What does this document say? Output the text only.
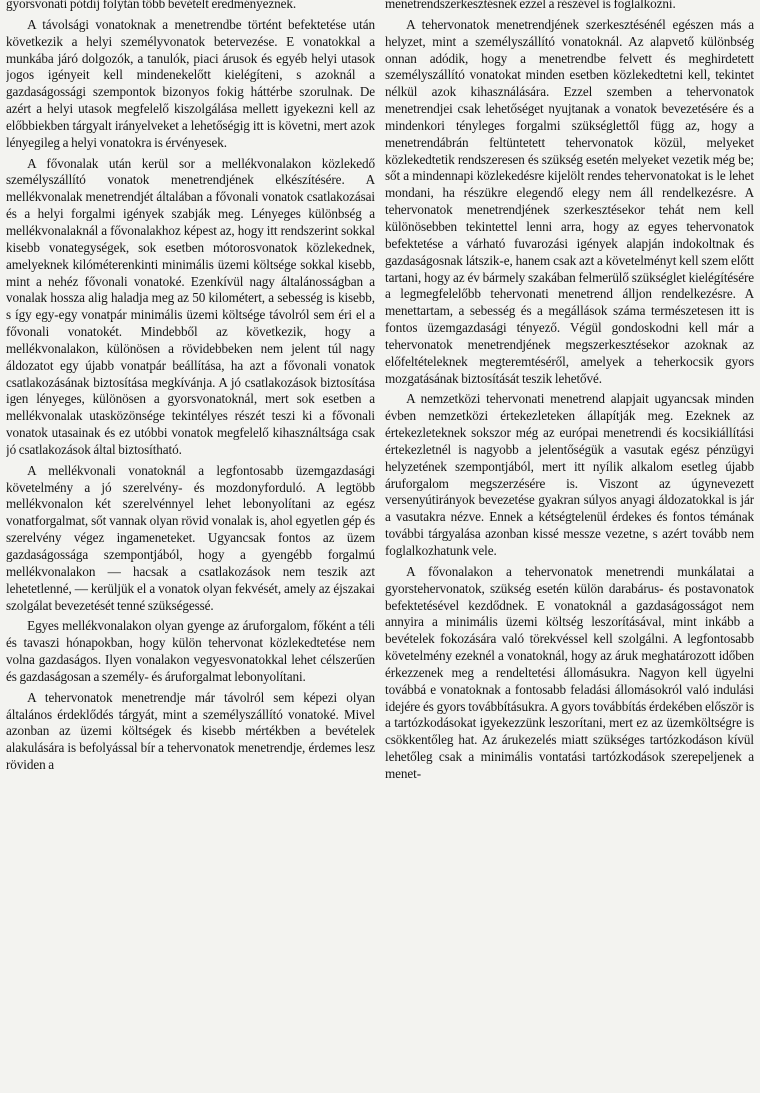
gyorsvonati pótdíj folytán több bevételt eredményeznek.

A távolsági vonatoknak a menetrendbe történt befektetése után következik a helyi személyvonatok betervezése. E vonatokkal a munkába járó dolgozók, a tanulók, piaci árusok és egyéb helyi utasok jogos igényeit kell mindenekelőtt kielégíteni, s azoknál a gazdaságossági szempontok bizonyos fokig háttérbe szorulnak. De azért a helyi utasok megfelelő kiszolgálása mellett igyekezni kell az előbbiekben tárgyalt irányelveket a lehetőségig itt is követni, mert azok lényegileg a helyi vonatokra is érvényesek.

A fővonalak után kerül sor a mellékvonalakon közlekedő személyszállító vonatok menetrendjének elkészítésére. A mellékvonalak menetrendjét általában a fővonali vonatok csatlakozásai és a helyi forgalmi igények szabják meg. Lényeges különbség a mellékvonalaknál a fővonalakhoz képest az, hogy itt rendszerint sokkal kisebb vonategységek, sok esetben mótorosvonatok közlekednek, amelyeknek kilóméterenkinti minimális üzemi költsége sokkal kisebb, mint a nehéz fővonali vonatoké. Ezenkívül nagy általánosságban a vonalak hossza alig haladja meg az 50 kilométert, a sebesség is kisebb, s így egy-egy vonatpár minimális üzemi költsége távolról sem éri el a fővonali vonatokét. Mindebből az következik, hogy a mellékvonalakon, különösen a rövidebbeken nem jelent túl nagy áldozatot egy újabb vonatpár beállítása, ha azt a fővonali vonatok csatlakozásának biztosítása megkívánja. A jó csatlakozások biztosítása igen lényeges, különösen a gyorsvonatoknál, mert sok esetben a mellékvonalak utasközönsége tekintélyes részét teszi ki a fővonali vonatok utasainak és ez utóbbi vonatok megfelelő kihasználtsága csak jó csatlakozások által biztosítható.

A mellékvonali vonatoknál a legfontosabb üzemgazdasági követelmény a jó szerelvény- és mozdonyforduló. A legtöbb mellékvonalon két szerelvénnyel lehet lebonyolítani az egész vonatforgalmat, sőt vannak olyan rövid vonalak is, ahol egyetlen gép és szerelvény végez ingameneteket. Ugyancsak fontos az üzem gazdaságossága szempontjából, hogy a gyengébb forgalmú mellékvonalakon — hacsak a csatlakozások nem teszik azt lehetetlenné, — kerüljük el a vonatok olyan fekvését, amely az éjszakai szolgálat bevezetését tenné szükségessé.

Egyes mellékvonalakon olyan gyenge az áruforgalom, főként a téli és tavaszi hónapokban, hogy külön tehervonat közlekedtetése nem volna gazdaságos. Ilyen vonalakon vegyesvonatokkal lehet célszerűen és gazdaságosan a személy- és áruforgalmat lebonyolítani.

A tehervonatok menetrendje már távolról sem képezi olyan általános érdeklődés tárgyát, mint a személyszállító vonatoké. Mivel azonban az üzemi költségek és kisebb mértékben a bevételek alakulására is befolyással bír a tehervonatok menetrendje, érdemes lesz röviden a

menetrendszerkesztésnek ezzel a részével is foglalkozni.

A tehervonatok menetrendjének szerkesztésénél egészen más a helyzet, mint a személyszállító vonatoknál. Az alapvető különbség onnan adódik, hogy a menetrendbe felvett és meghirdetett személyszállító vonatokat minden esetben közlekedtetni kell, tekintet nélkül azok kihasználására. Ezzel szemben a tehervonatok menetrendjei csak lehetőséget nyujtanak a vonatok bevezetésére és a mindenkori tényleges forgalmi szükséglettől függ az, hogy a menetrendábrán feltüntetett tehervonatok közül, melyeket közlekedtetik rendszeresen és szükség esetén melyeket vezetik még be; sőt a mindennapi közlekedésre kijelölt rendes tehervonatokat is le lehet mondani, ha részükre elegendő elegy nem áll rendelkezésre. A tehervonatok menetrendjének szerkesztésekor tehát nem kell különösebben tekintettel lenni arra, hogy az egyes tehervonatok befektetése a várható fuvarozási igények alapján indokoltnak és gazdaságosnak látszik-e, hanem csak azt a követelményt kell szem előtt tartani, hogy az év bármely szakában felmerülő szükséglet kielégítésére a legmegfelelőbb tehervonati menetrend álljon rendelkezésre. A menettartam, a sebesség és a megállások száma természetesen itt is fontos üzemgazdasági tényező. Végül gondoskodni kell már a tehervonatok menetrendjének megszerkesztésekor azoknak az előfeltételeknek megteremtéséről, amelyek a teherkocsik gyors mozgatásának biztosítását teszik lehetővé.

A nemzetközi tehervonati menetrend alapjait ugyancsak minden évben nemzetközi értekezleteken állapítják meg. Ezeknek az értekezleteknek sokszor még az európai menetrendi és kocsikiállítási értekezletnél is nagyobb a jelentőségük a vasutak egész pénzügyi helyzetének szempontjából, mert itt nyílik alkalom esetleg újabb áruforgalom megszerzésére is. Viszont az úgynevezett versenyútirányok bevezetése gyakran súlyos anyagi áldozatokkal is jár a vasutakra nézve. Ennek a kétségtelenül érdekes és fontos témának további tárgyalása azonban kissé messze vezetne, s azért tovább nem foglalkozhatunk vele.

A fővonalakon a tehervonatok menetrendi munkálatai a gyorstehervonatok, szükség esetén külön darabárus- és postavonatok befektetésével kezdődnek. E vonatoknál a gazdaságosságot nem annyira a minimális üzemi költség leszorításával, mint inkább a bevételek fokozására való törekvéssel kell szolgálni. A legfontosabb követelmény ezeknél a vonatoknál, hogy az áruk meghatározott időben érkezzenek meg a rendeltetési állomásukra. Nagyon kell ügyelni továbbá e vonatoknak a fontosabb feladási állomásokról való indulási idejére és gyors továbbításukra. A gyors továbbítás érdekében először is a tartózkodásokat igyekezzünk leszorítani, mert ez az üzemköltségre is csökkentőleg hat. Az árukezelés miatt szükséges tartózkodáson kívül lehetőleg csak a minimális vontatási tartózkodások szerepeljenek a menet-
